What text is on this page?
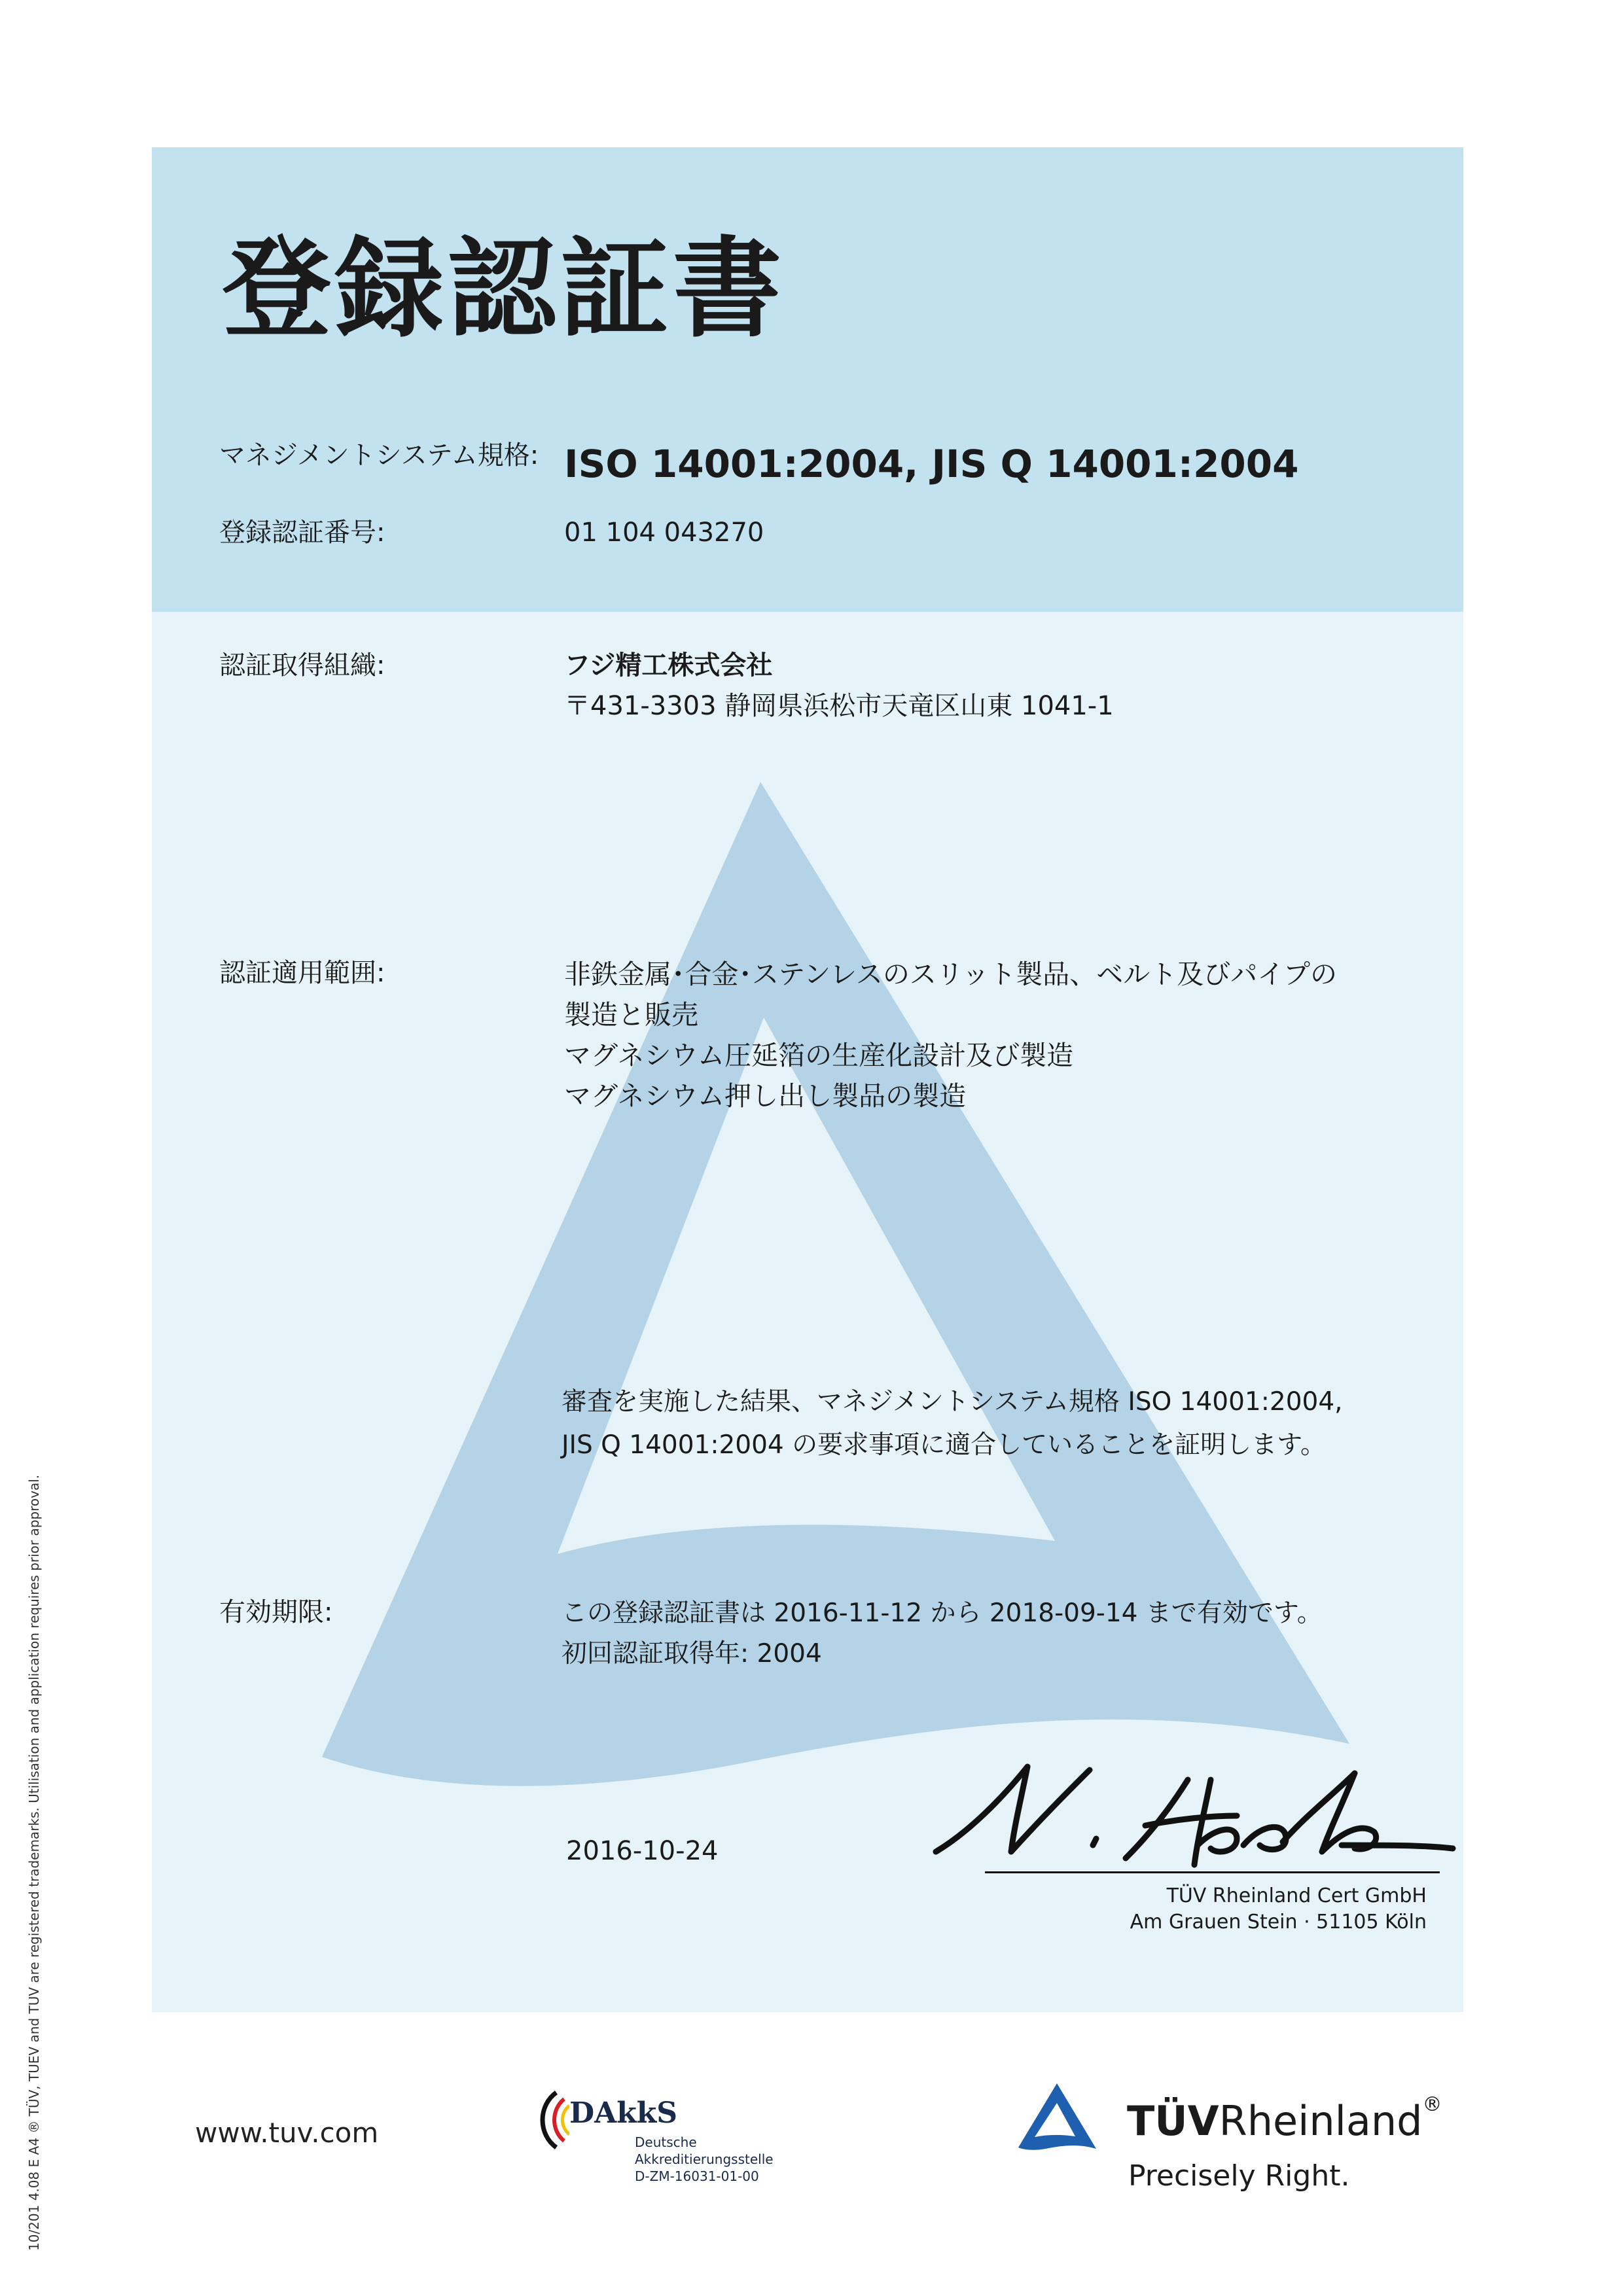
登録認証書
マネジメントシステム規格: ISO 14001:2004, JIS Q 14001:2004
登録認証番号:	01 104 043270
認証取得組織:	フジ精工株式会社
〒431-3303 静岡県浜松市天竜区山東 1041-1
認証適用範囲:	非鉄金属･合金･ステンレスのスリット製品、ベルト及びパイプの
製造と販売
マグネシウム圧延箔の生産化設計及び製造
マグネシウム押し出し製品の製造
審査を実施した結果、マネジメントシステム規格 ISO 14001:2004,
JIS Q 14001:2004 の要求事項に適合していることを証明します。
有効期限:	この登録認証書は 2016-11-12 から 2018-09-14 まで有効です。
初回認証取得年: 2004
2016-10-24
TÜV Rheinland Cert GmbH
Am Grauen Stein · 51105 Köln
10/201 4.08 E A4 ® TÜV, TUEV and TUV are registered trademarks. Utilisation and application requires prior approval.	www.tuv.com
DAkkS
Deutsche
Akkreditierungsstelle
D-ZM-16031-01-00
TÜVRheinland®
Precisely Right.
